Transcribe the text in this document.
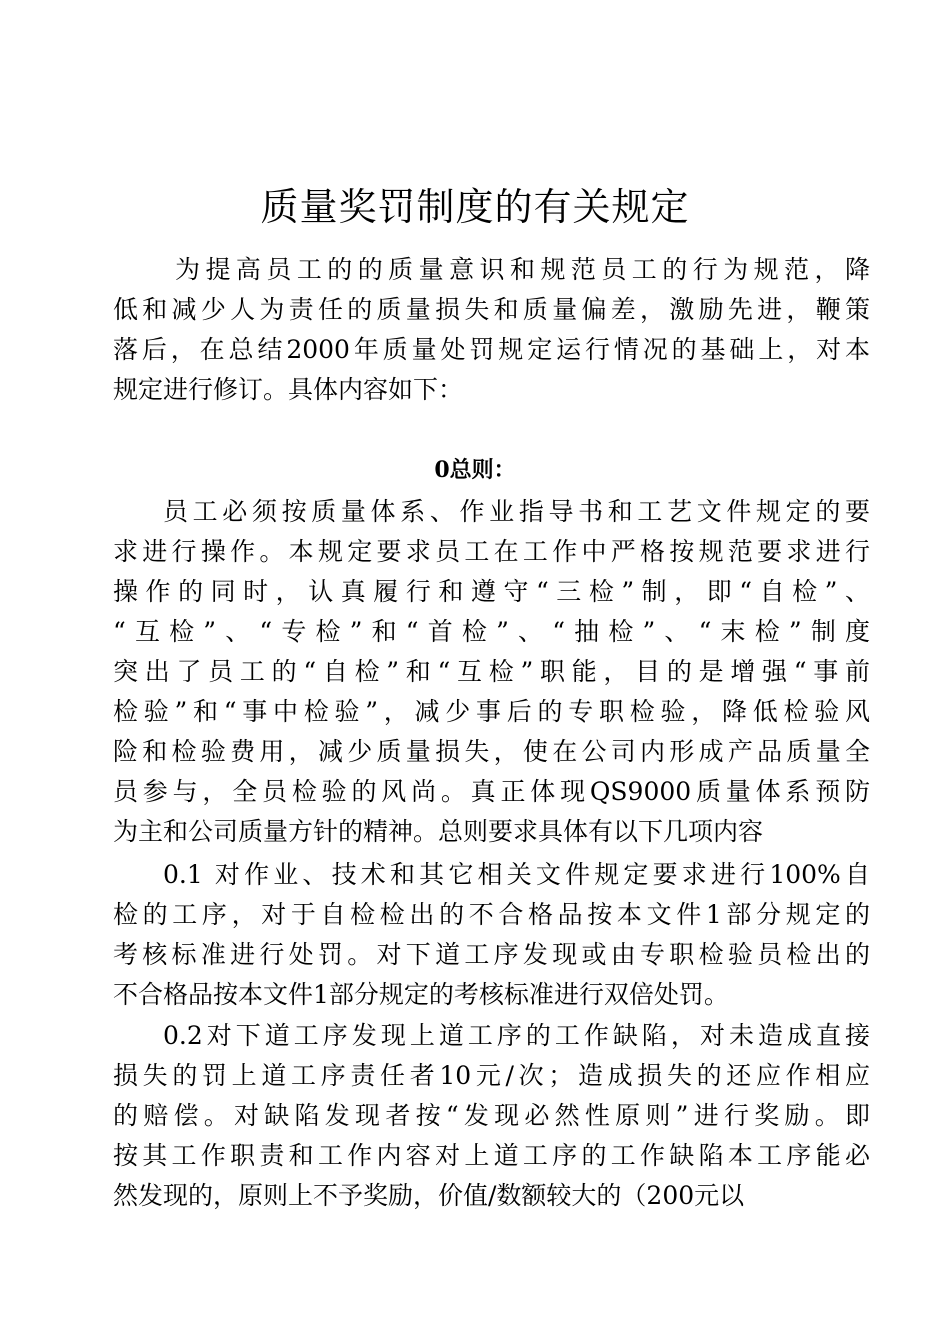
质量奖罚制度的有关规定
为提高员工的的质量意识和规范员工的行为规范，降
低和减少人为责任的质量损失和质量偏差，激励先进，鞭策
落后，在总结2000年质量处罚规定运行情况的基础上，对本
规定进行修订。具体内容如下：
0总则：
员工必须按质量体系、作业指导书和工艺文件规定的要
求进行操作。本规定要求员工在工作中严格按规范要求进行
操作的同时，认真履行和遵守“三检”制，即“自检”、
“互检”、“专检”和“首检”、“抽检”、“末检”制度
突出了员工的“自检”和“互检”职能，目的是增强“事前
检验”和“事中检验”，减少事后的专职检验，降低检验风
险和检验费用，减少质量损失，使在公司内形成产品质量全
员参与，全员检验的风尚。真正体现QS9000质量体系预防
为主和公司质量方针的精神。总则要求具体有以下几项内容
0.1 对作业、技术和其它相关文件规定要求进行100%自
检的工序，对于自检检出的不合格品按本文件1部分规定的
考核标准进行处罚。对下道工序发现或由专职检验员检出的
不合格品按本文件1部分规定的考核标准进行双倍处罚。
0.2对下道工序发现上道工序的工作缺陷，对未造成直接
损失的罚上道工序责任者10元/次；造成损失的还应作相应
的赔偿。对缺陷发现者按“发现必然性原则”进行奖励。即
按其工作职责和工作内容对上道工序的工作缺陷本工序能必
然发现的，原则上不予奖励，价值/数额较大的（200元以
